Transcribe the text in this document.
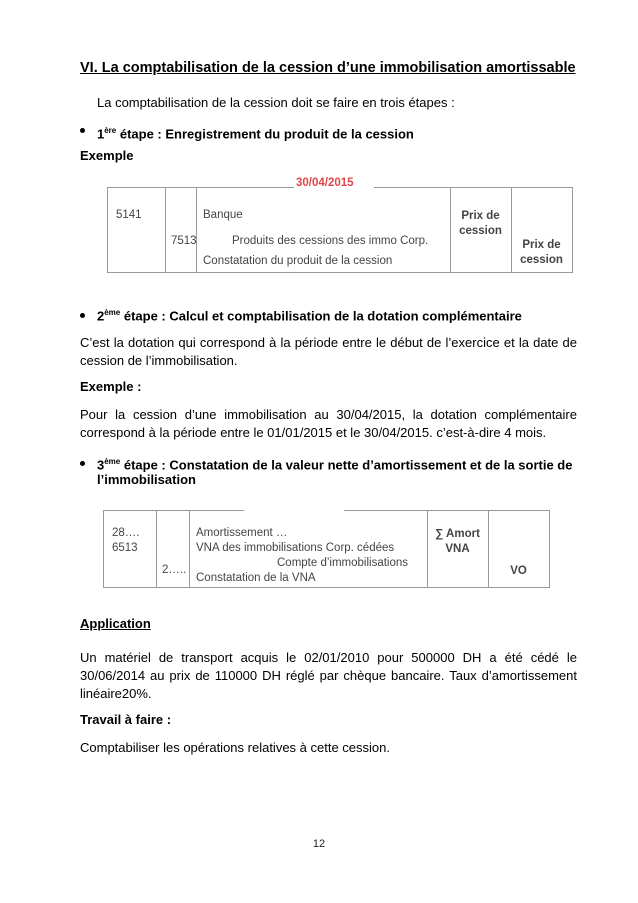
VI. La comptabilisation de la cession d’une immobilisation amortissable
La comptabilisation de la cession doit se faire en trois étapes :
1ère étape : Enregistrement du produit de la cession
Exemple
30/04/2015
5141
7513
Banque
Produits des cessions des immo Corp.
Constatation du produit de la cession
Prix de
cession
Prix de
cession
2ème étape : Calcul et comptabilisation de la dotation complémentaire
C’est la dotation qui correspond à la période entre le début de l’exercice et la date de
cession de l’immobilisation.
Exemple :
Pour la cession d’une immobilisation au 30/04/2015, la dotation complémentaire
correspond à la période entre le 01/01/2015 et le 30/04/2015. c’est-à-dire 4 mois.
3ème étape : Constatation de la valeur nette d’amortissement et de la sortie de
l’immobilisation
28….
6513
2…..
Amortissement …
VNA des immobilisations Corp. cédées
Compte d’immobilisations
Constatation de la VNA
∑ Amort
VNA
VO
Application
Un matériel de transport acquis le 02/01/2010 pour 500000 DH a été cédé le
30/06/2014 au prix de 110000 DH réglé par chèque bancaire. Taux d’amortissement
linéaire20%.
Travail à faire :
Comptabiliser les opérations relatives à cette cession.
12
